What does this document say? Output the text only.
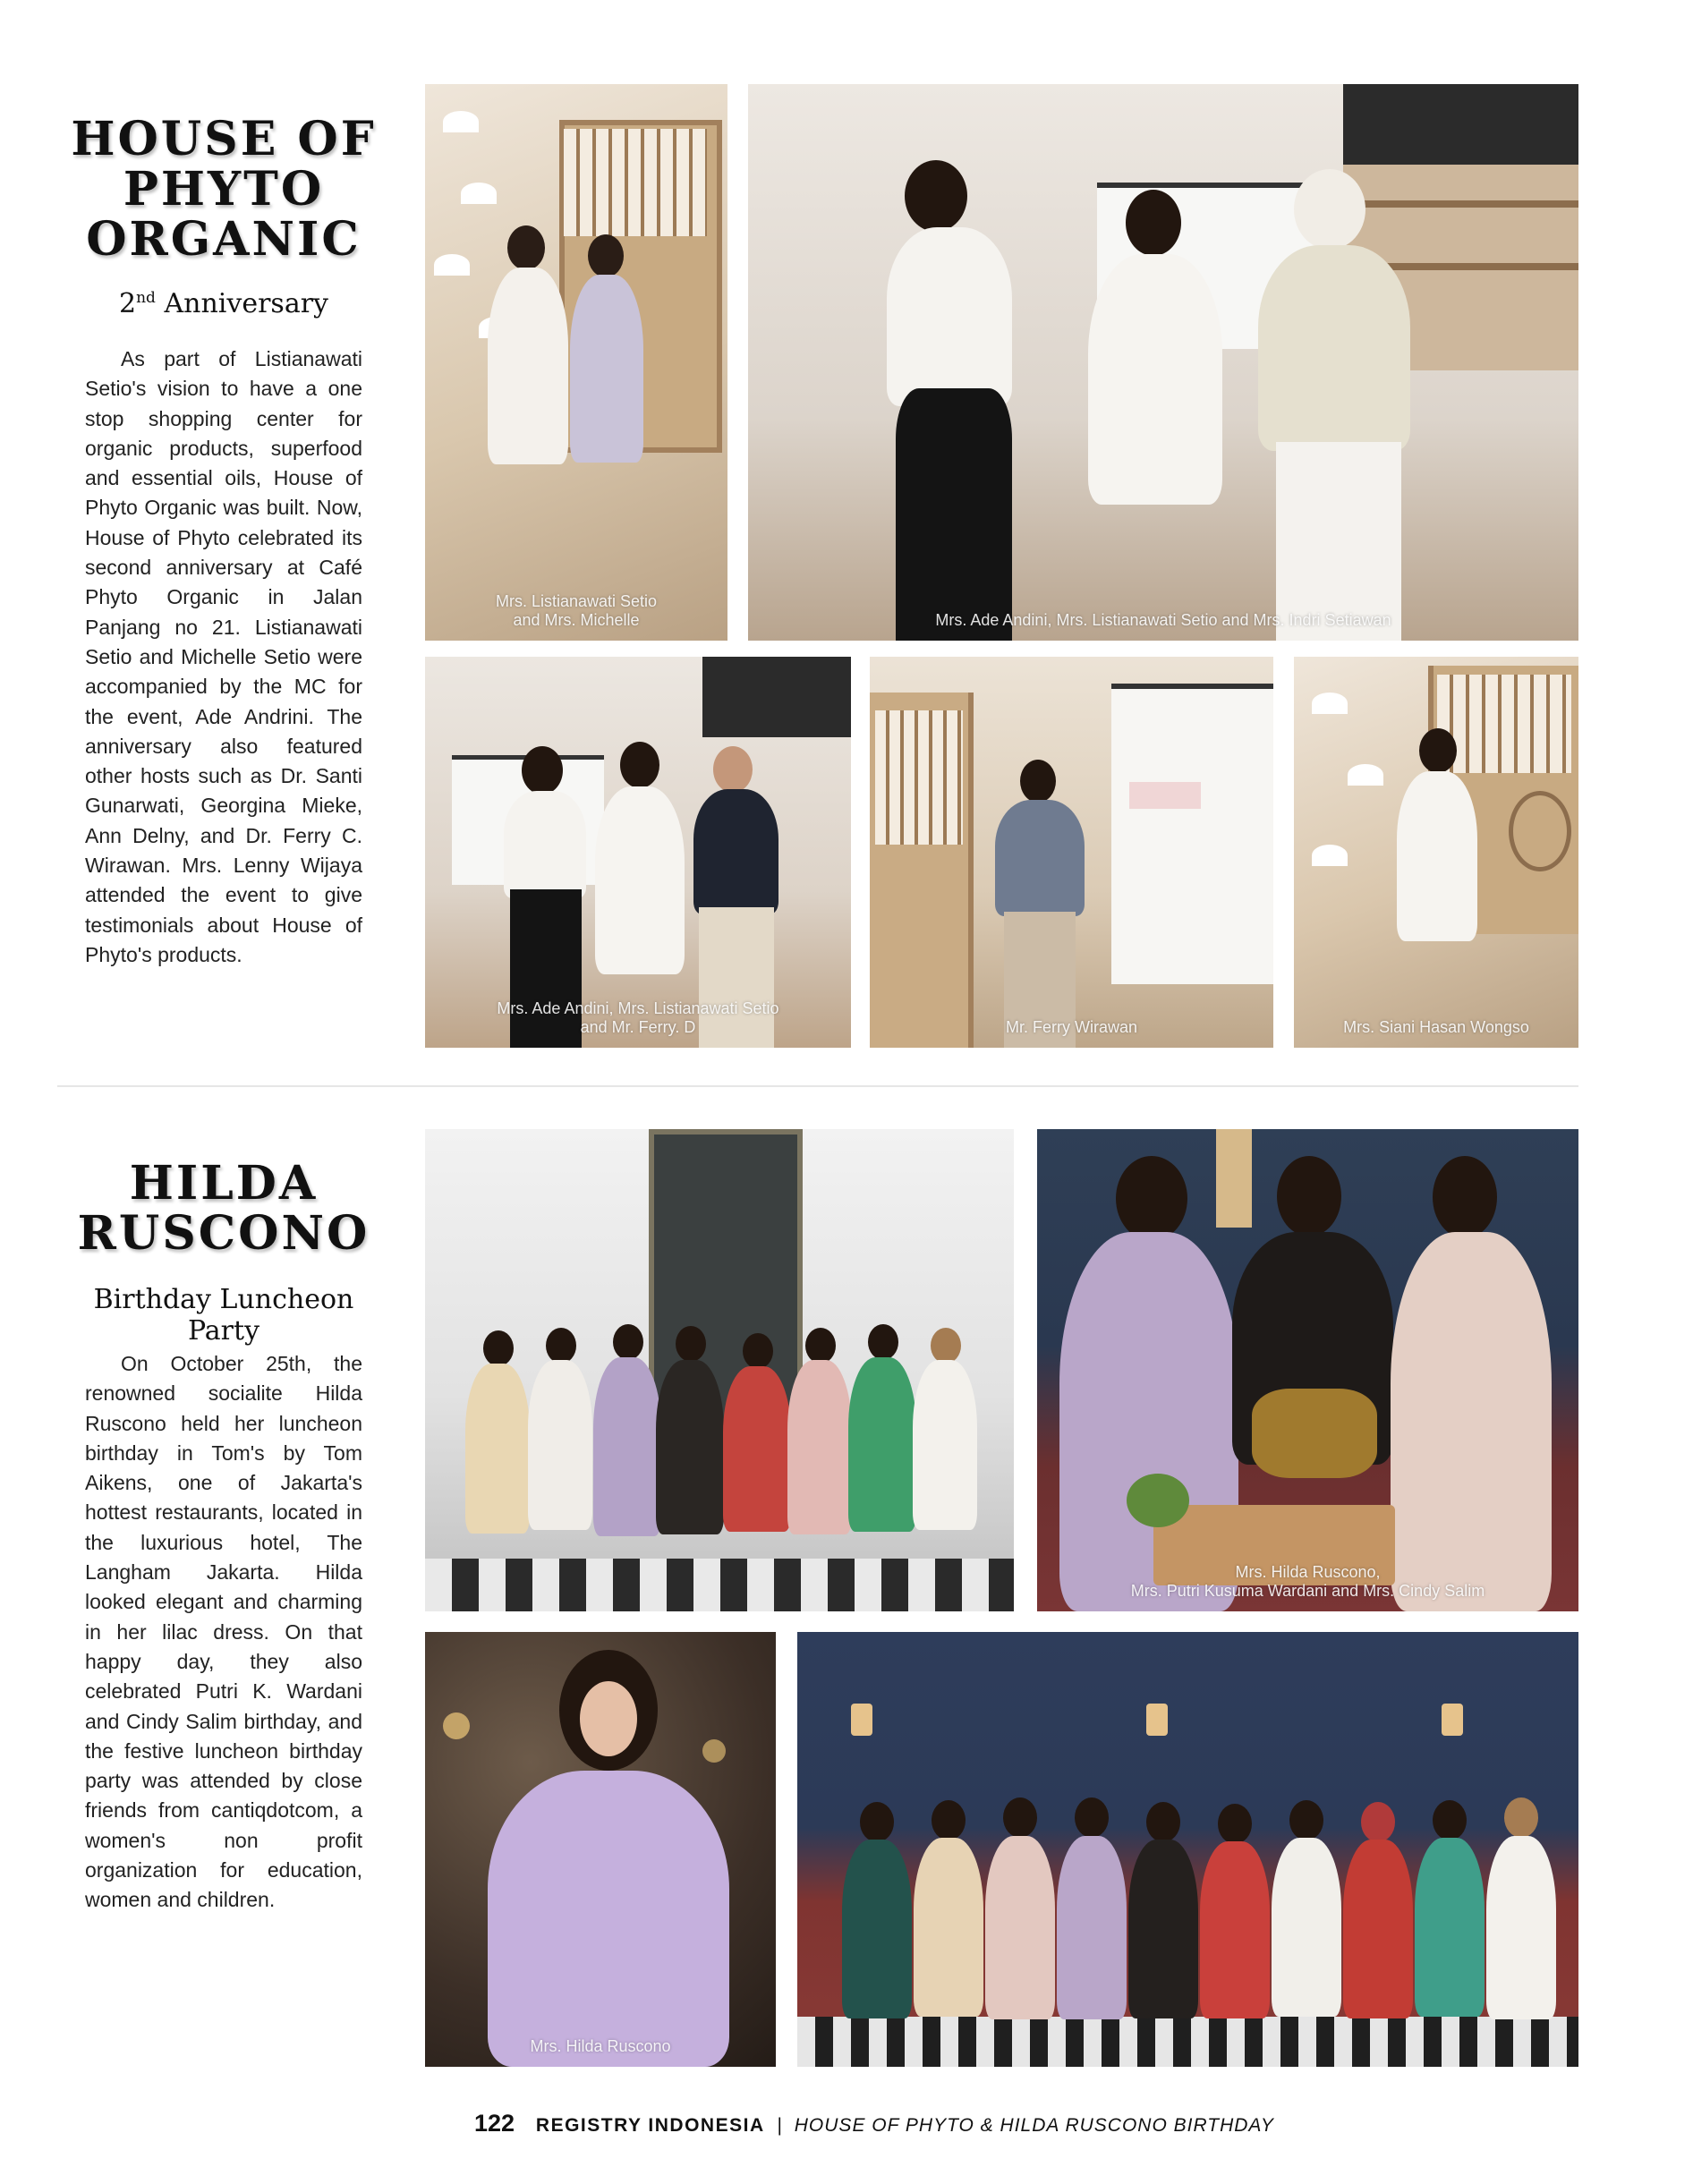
HOUSE OF
PHYTO
ORGANIC
2nd Anniversary
As part of Listianawati Setio's vision to have a one stop shopping center for organic products, superfood and essential oils, House of Phyto Organic was built. Now, House of Phyto celebrated its second anniversary at Café Phyto Organic in Jalan Panjang no 21. Listianawati Setio and Michelle Setio were accompanied by the MC for the event, Ade Andrini. The anniversary also featured other hosts such as Dr. Santi Gunarwati, Georgina Mieke, Ann Delny, and Dr. Ferry C. Wirawan. Mrs. Lenny Wijaya attended the event to give testimonials about House of Phyto's products.
Mrs. Listianawati Setio
and Mrs. Michelle	Mrs. Ade Andini, Mrs. Listianawati Setio and Mrs. Indri Setiawan
Mrs. Ade Andini, Mrs. Listianawati Setio
and Mr. Ferry. D	Mr. Ferry Wirawan	Mrs. Siani Hasan Wongso
HILDA
RUSCONO
Birthday Luncheon Party
On October 25th, the renowned socialite Hilda Ruscono held her luncheon birthday in Tom's by Tom Aikens, one of Jakarta's hottest restaurants, located in the luxurious hotel, The Langham Jakarta. Hilda looked elegant and charming in her lilac dress. On that happy day, they also celebrated Putri K. Wardani and Cindy Salim birthday, and the festive luncheon birthday party was attended by close friends from cantiqdotcom, a women's non profit organization for education, women and children.
Mrs. Hilda Ruscono,
Mrs. Putri Kusuma Wardani and Mrs. Cindy Salim
Mrs. Hilda Ruscono
122 REGISTRY INDONESIA | HOUSE OF PHYTO & HILDA RUSCONO BIRTHDAY
